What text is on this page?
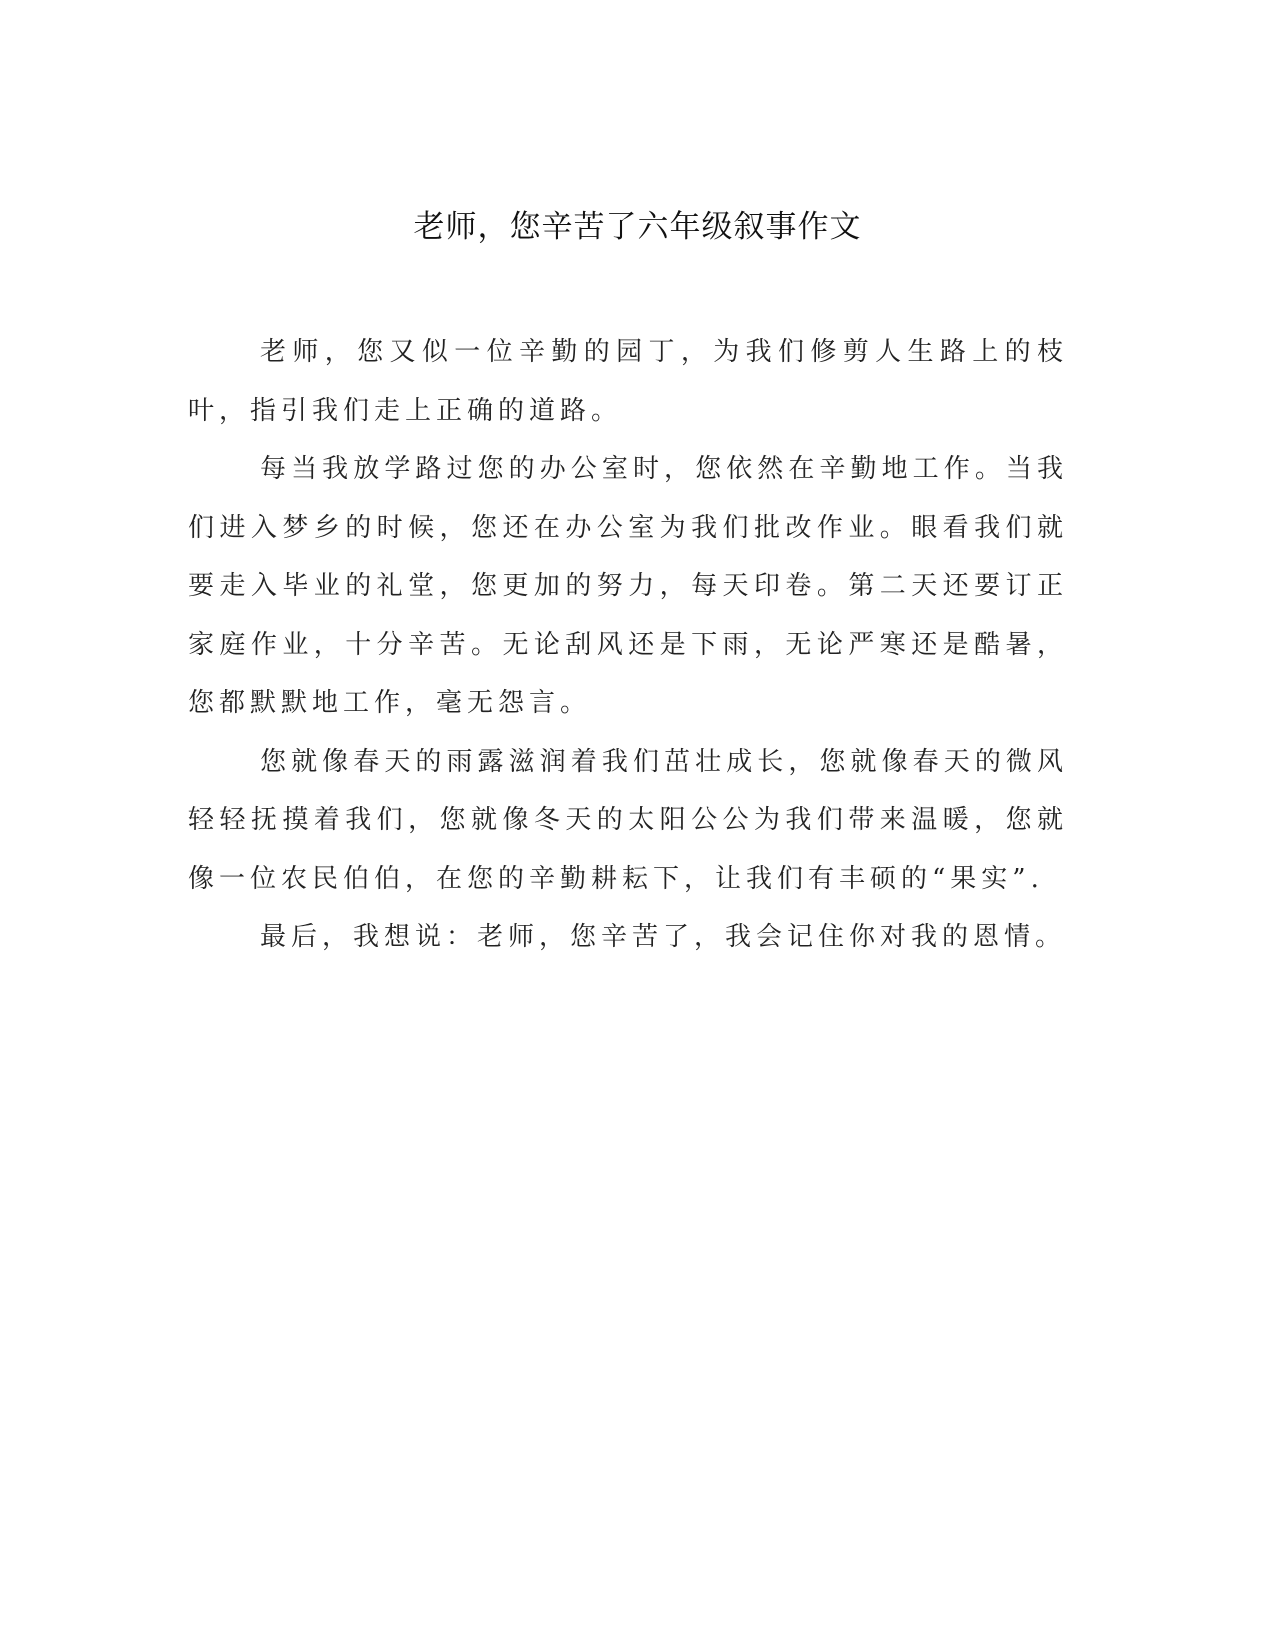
老师，您辛苦了六年级叙事作文

老师，您又似一位辛勤的园丁，为我们修剪人生路上的枝叶，指引我们走上正确的道路。

每当我放学路过您的办公室时，您依然在辛勤地工作。当我们进入梦乡的时候，您还在办公室为我们批改作业。眼看我们就要走入毕业的礼堂，您更加的努力，每天印卷。第二天还要订正家庭作业，十分辛苦。无论刮风还是下雨，无论严寒还是酷暑，您都默默地工作，毫无怨言。

您就像春天的雨露滋润着我们茁壮成长，您就像春天的微风轻轻抚摸着我们，您就像冬天的太阳公公为我们带来温暖，您就像一位农民伯伯，在您的辛勤耕耘下，让我们有丰硕的“果实”.

最后，我想说：老师，您辛苦了，我会记住你对我的恩情。
